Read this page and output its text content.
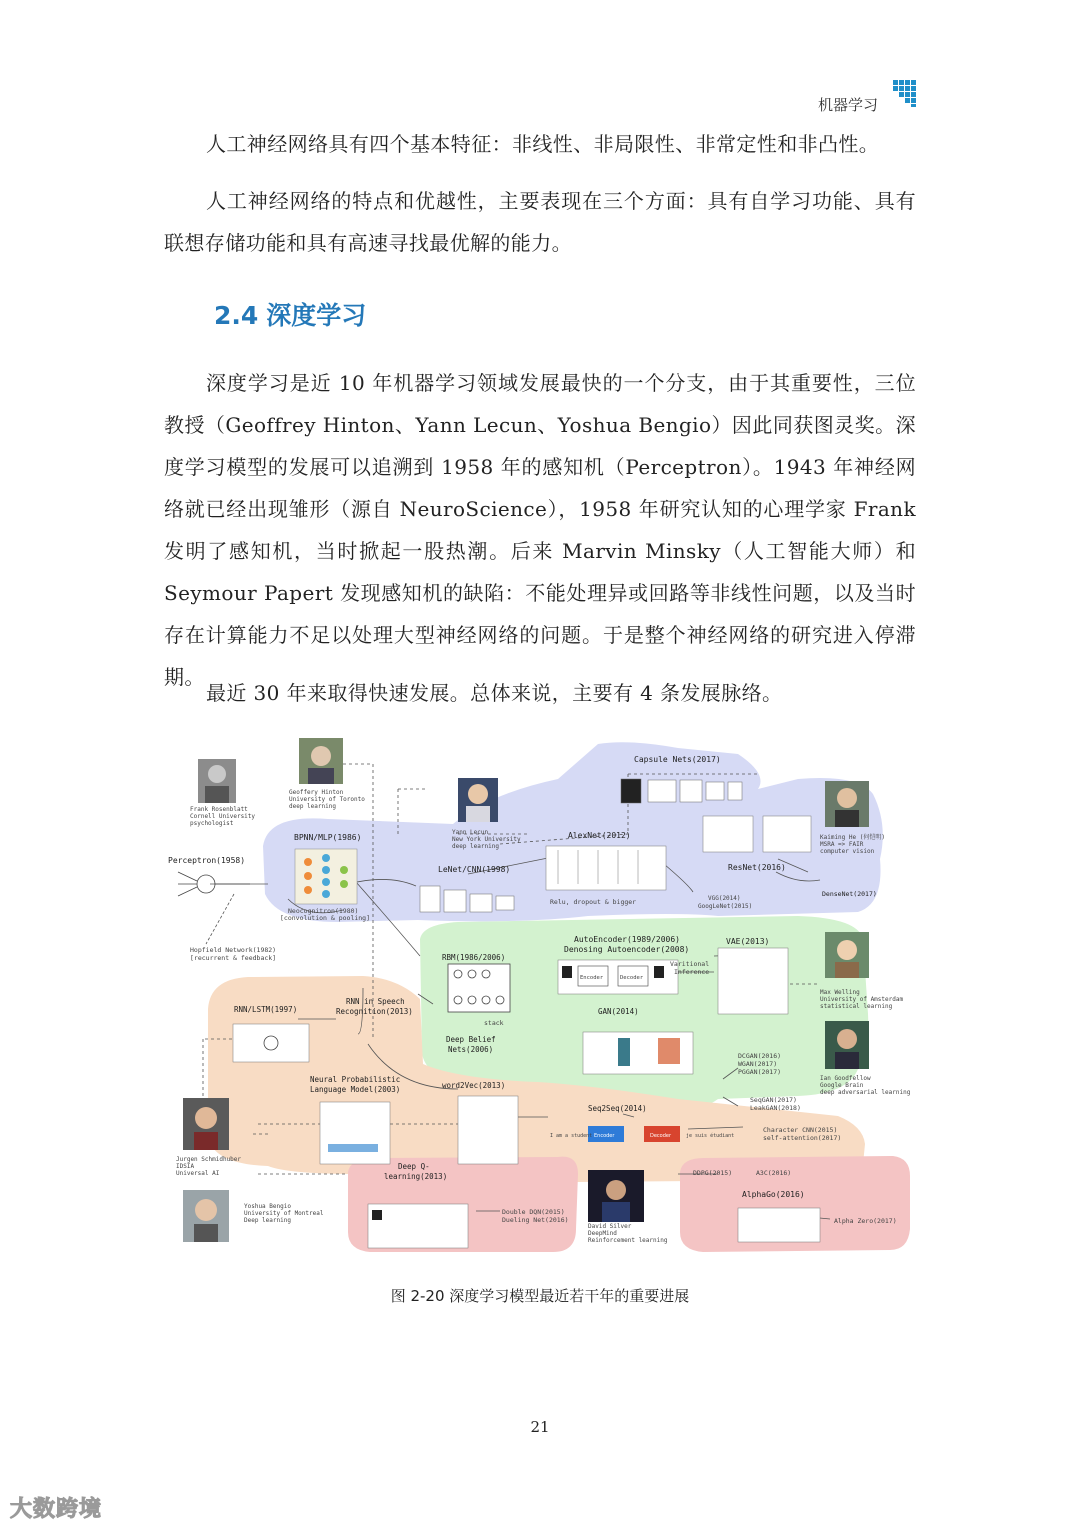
机器学习

人工神经网络具有四个基本特征：非线性、非局限性、非常定性和非凸性。

人工神经网络的特点和优越性，主要表现在三个方面：具有自学习功能、具有联想存储功能和具有高速寻找最优解的能力。

2.4 深度学习

深度学习是近 10 年机器学习领域发展最快的一个分支，由于其重要性，三位教授（Geoffrey Hinton、Yann Lecun、Yoshua Bengio）因此同获图灵奖。深度学习模型的发展可以追溯到 1958 年的感知机（Perceptron）。1943 年神经网络就已经出现雏形（源自 NeuroScience），1958 年研究认知的心理学家 Frank 发明了感知机，当时掀起一股热潮。后来 Marvin Minsky（人工智能大师）和 Seymour Papert 发现感知机的缺陷：不能处理异或回路等非线性问题，以及当时存在计算能力不足以处理大型神经网络的问题。于是整个神经网络的研究进入停滞期。

最近 30 年来取得快速发展。总体来说，主要有 4 条发展脉络。

Capsule Nets(2017)
AlexNet(2012)
ResNet(2016)
DenseNet(2017)
VGG(2014)
GoogLeNet(2015)
Relu, dropout & bigger
Perceptron(1958)
BPNN/MLP(1986)
LeNet/CNN(1998)
Neocognitron(1980)
[convolution & pooling]
Hopfield Network(1982)
[recurrent & feedback]	RBM(1986/2006)
stack
Deep Belief
Nets(2006)
AutoEncoder(1989/2006)
Denosing Autoencoder(2008)
VAE(2013)
Varitional
Inference
Encoder	Decoder
GAN(2014)
DCGAN(2016)
WGAN(2017)
PGGAN(2017)
SeqGAN(2017)
LeakGAN(2018)
RNN/LSTM(1997)
RNN in Speech
Recognition(2013)
Neural Probabilistic
Language Model(2003)	word2Vec(2013)
Seq2Seq(2014)
I am a student Encoder	Decoder	je suis étudiant
Character CNN(2015)
self-attention(2017)
Deep Q-
learning(2013)
Double DQN(2015)
Dueling Net(2016)
DDPG(2015)	A3C(2016)
AlphaGo(2016)
Alpha Zero(2017)
Frank Rosenblatt
Cornell University
psychologist
Geoffery Hinton
University of Toronto
deep learning
Yann Lecun
New York University
deep learning
Kaiming He (何恺明)
MSRA => FAIR
computer vision
Max Welling
University of Amsterdam
statistical learning
Ian Goodfellow
Google Brain
deep adversarial learning
Jurgen Schmidhuber
IDSIA
Universal AI
Yoshua Bengio
University of Montreal
Deep learning
David Silver
DeepMind
Reinforcement learning
图 2-20 深度学习模型最近若干年的重要进展
21
大数跨境
